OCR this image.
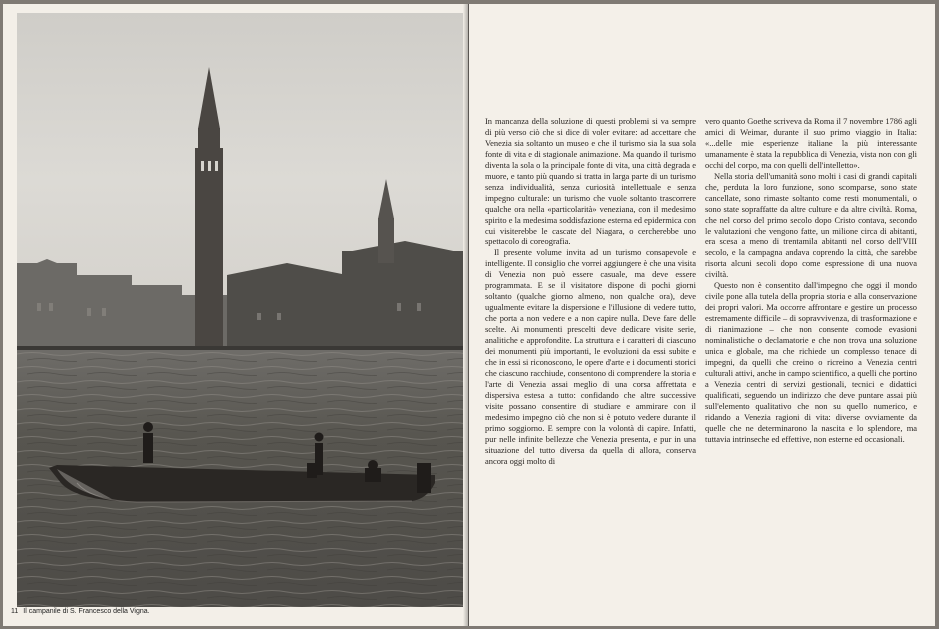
11 Il campanile di S. Francesco della Vigna.

In mancanza della soluzione di questi problemi si va sempre di più verso ciò che si dice di voler evitare: ad accettare che Venezia sia soltanto un museo e che il turismo sia la sua sola fonte di vita e di stagionale animazione. Ma quando il turismo diventa la sola o la principale fonte di vita, una città degrada e muore, e tanto più quando si tratta in larga parte di un turismo senza individualità, senza curiosità intellettuale e senza impegno culturale: un turismo che vuole soltanto trascorrere qualche ora nella «particolarità» veneziana, con il medesimo spirito e la medesima soddisfazione esterna ed epidermica con cui visiterebbe le cascate del Niagara, o cercherebbe uno spettacolo di coreografia.

Il presente volume invita ad un turismo consapevole e intelligente. Il consiglio che vorrei aggiungere è che una visita di Venezia non può essere casuale, ma deve essere programmata. E se il visitatore dispone di pochi giorni soltanto (qualche giorno almeno, non qualche ora), deve ugualmente evitare la dispersione e l'illusione di vedere tutto, che porta a non vedere e a non capire nulla. Deve fare delle scelte. Ai monumenti prescelti deve dedicare visite serie, analitiche e approfondite. La struttura e i caratteri di ciascuno dei monumenti più importanti, le evoluzioni da essi subite e che in essi si riconoscono, le opere d'arte e i documenti storici che ciascuno racchiude, consentono di comprendere la storia e l'arte di Venezia assai meglio di una corsa affrettata e dispersiva estesa a tutto: confidando che altre successive visite possano consentire di studiare e ammirare con il medesimo impegno ciò che non si è potuto vedere durante il primo soggiorno. E sempre con la volontà di capire. Infatti, pur nelle infinite bellezze che Venezia presenta, e pur in una situazione del tutto diversa da quella di allora, conserva ancora oggi molto di

vero quanto Goethe scriveva da Roma il 7 novembre 1786 agli amici di Weimar, durante il suo primo viaggio in Italia: «...delle mie esperienze italiane la più interessante umanamente è stata la repubblica di Venezia, vista non con gli occhi del corpo, ma con quelli dell'intelletto».

Nella storia dell'umanità sono molti i casi di grandi capitali che, perduta la loro funzione, sono scomparse, sono state cancellate, sono rimaste soltanto come resti monumentali, o sono state sopraffatte da altre culture e da altre civiltà. Roma, che nel corso del primo secolo dopo Cristo contava, secondo le valutazioni che vengono fatte, un milione circa di abitanti, era scesa a meno di trentamila abitanti nel corso dell'VIII secolo, e la campagna andava coprendo la città, che sarebbe risorta alcuni secoli dopo come espressione di una nuova civiltà.

Questo non è consentito dall'impegno che oggi il mondo civile pone alla tutela della propria storia e alla conservazione dei propri valori. Ma occorre affrontare e gestire un processo estremamente difficile – di sopravvivenza, di trasformazione e di rianimazione – che non consente comode evasioni nominalistiche o declamatorie e che non trova una soluzione unica e globale, ma che richiede un complesso tenace di impegni, da quelli che creino o ricreino a Venezia centri culturali attivi, anche in campo scientifico, a quelli che portino a Venezia centri di servizi gestionali, tecnici e didattici qualificati, seguendo un indirizzo che deve puntare assai più sull'elemento qualitativo che non su quello numerico, e ridando a Venezia ragioni di vita: diverse ovviamente da quelle che ne determinarono la nascita e lo splendore, ma tuttavia intrinseche ed effettive, non esterne ed occasionali.
